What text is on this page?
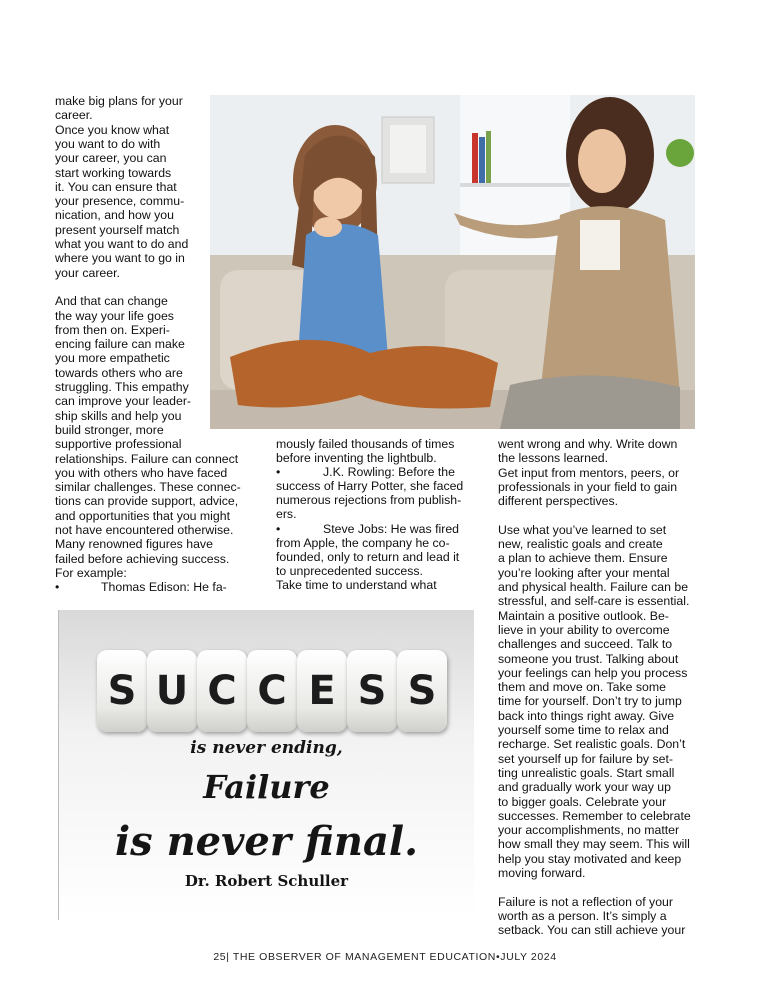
make big plans for your
career.
Once you know what
you want to do with
your career, you can
start working towards
it. You can ensure that
your presence, commu-
nication, and how you
present yourself match
what you want to do and
where you want to go in
your career.
And that can change
the way your life goes
from then on. Experi-
encing failure can make
you more empathetic
towards others who are
struggling. This empathy
can improve your leader-
ship skills and help you
build stronger, more
supportive professional
relationships. Failure can connect
you with others who have faced
similar challenges. These connec-
tions can provide support, advice,
and opportunities that you might
not have encountered otherwise.
Many renowned figures have
failed before achieving success.
For example:
•	Thomas Edison: He fa-
mously failed thousands of times
before inventing the lightbulb.
•	J.K. Rowling: Before the
success of Harry Potter, she faced
numerous rejections from publish-
ers.
•	Steve Jobs: He was fired
from Apple, the company he co-
founded, only to return and lead it
to unprecedented success.
Take time to understand what
went wrong and why. Write down
the lessons learned.
Get input from mentors, peers, or
professionals in your field to gain
different perspectives.
Use what you’ve learned to set
new, realistic goals and create
a plan to achieve them. Ensure
you’re looking after your mental
and physical health. Failure can be
stressful, and self-care is essential.
Maintain a positive outlook. Be-
lieve in your ability to overcome
challenges and succeed. Talk to
someone you trust. Talking about
your feelings can help you process
them and move on. Take some
time for yourself. Don’t try to jump
back into things right away. Give
yourself some time to relax and
recharge. Set realistic goals. Don’t
set yourself up for failure by set-
ting unrealistic goals. Start small
and gradually work your way up
to bigger goals. Celebrate your
successes. Remember to celebrate
your accomplishments, no matter
how small they may seem. This will
help you stay motivated and keep
moving forward.
Failure is not a reflection of your
worth as a person. It’s simply a
setback. You can still achieve your
S U C C E S S
is never ending,
Failure
is never final.
Dr. Robert Schuller
25| THE OBSERVER OF MANAGEMENT EDUCATION•JULY 2024
